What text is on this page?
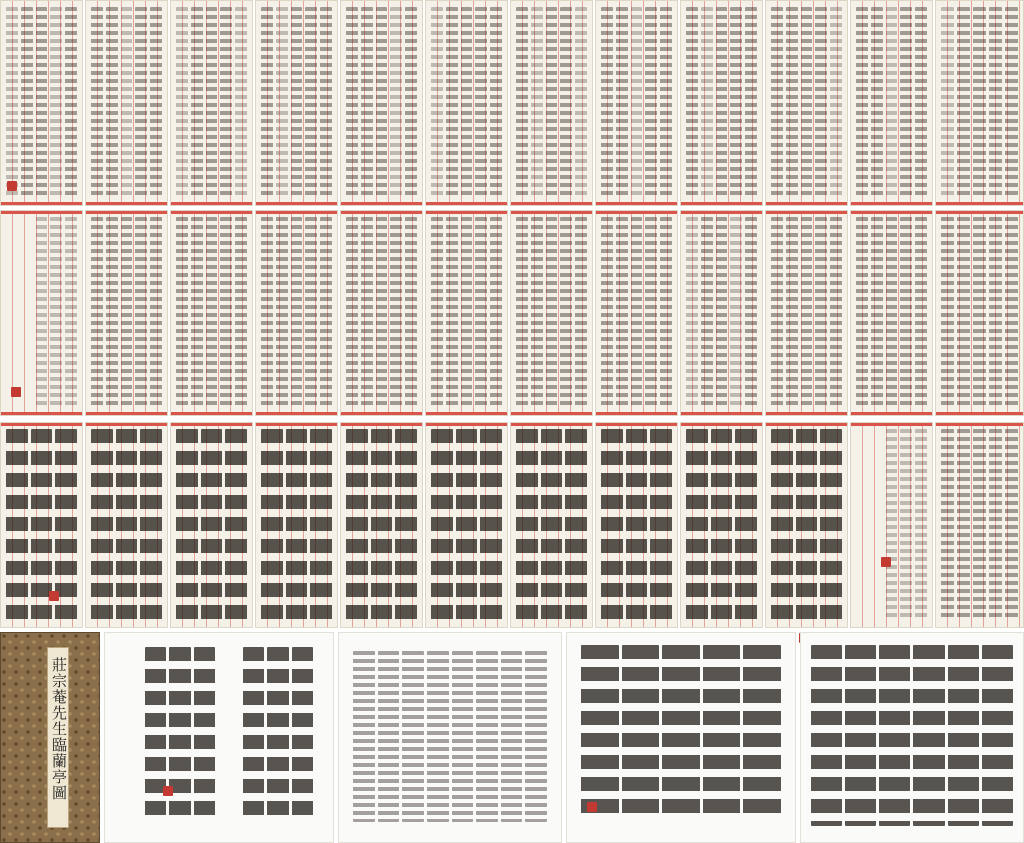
莊宗菴先生臨蘭亭圖
